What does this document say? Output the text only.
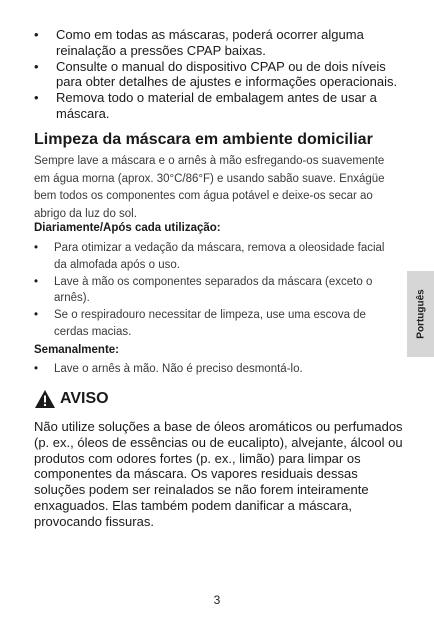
•	Como em todas as máscaras, poderá ocorrer alguma reinalação a pressões CPAP baixas.
•	Consulte o manual do dispositivo CPAP ou de dois níveis para obter detalhes de ajustes e informações operacionais.
•	Remova todo o material de embalagem antes de usar a máscara.
Limpeza da máscara em ambiente domiciliar

Sempre lave a máscara e o arnês à mão esfregando-os suavemente em água morna (aprox. 30°C/86°F) e usando sabão suave. Enxágüe bem todos os componentes com água potável e deixe-os secar ao abrigo da luz do sol.

Diariamente/Após cada utilização:
• Para otimizar a vedação da máscara, remova a oleosidade facial da almofada após o uso.
• Lave à mão os componentes separados da máscara (exceto o arnês).
• Se o respiradouro necessitar de limpeza, use uma escova de cerdas macias.
Semanalmente:
• Lave o arnês à mão. Não é preciso desmontá-lo.
AVISO

Não utilize soluções a base de óleos aromáticos ou perfumados (p. ex., óleos de essências ou de eucalipto), alvejante, álcool ou produtos com odores fortes (p. ex., limão) para limpar os componentes da máscara. Os vapores residuais dessas soluções podem ser reinalados se não forem inteiramente enxaguados. Elas também podem danificar a máscara, provocando fissuras.

Português

3
